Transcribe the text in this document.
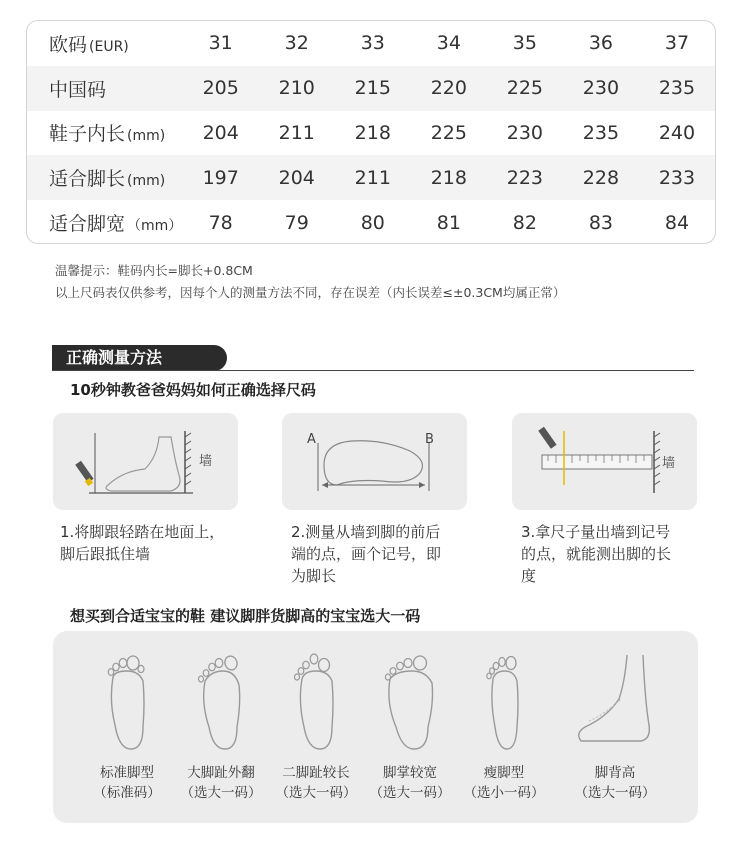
欧码 (EUR)	31	32	33	34	35	36	37
中国码	205	210	215	220	225	230	235
鞋子内长 (mm)	204	211	218	225	230	235	240
适合脚长 (mm)	197	204	211	218	223	228	233
适合脚宽 （mm）	78	79	80	81	82	83	84
温馨提示：鞋码内长=脚长+0.8CM
以上尺码表仅供参考，因每个人的测量方法不同，存在误差（内长误差≤±0.3CM均属正常）
正确测量方法
10秒钟教爸爸妈妈如何正确选择尺码
墙
A	B
墙
1.将脚跟轻踏在地面上，
脚后跟抵住墙
2.测量从墙到脚的前后
端的点，画个记号，即
为脚长
3.拿尺子量出墙到记号
的点，就能测出脚的长
度
想买到合适宝宝的鞋 建议脚胖货脚高的宝宝选大一码
标准脚型
（标准码）
大脚趾外翻
（选大一码）
二脚趾较长
（选大一码）
脚掌较宽
（选大一码）
瘦脚型
（选小一码）
脚背高
（选大一码）
